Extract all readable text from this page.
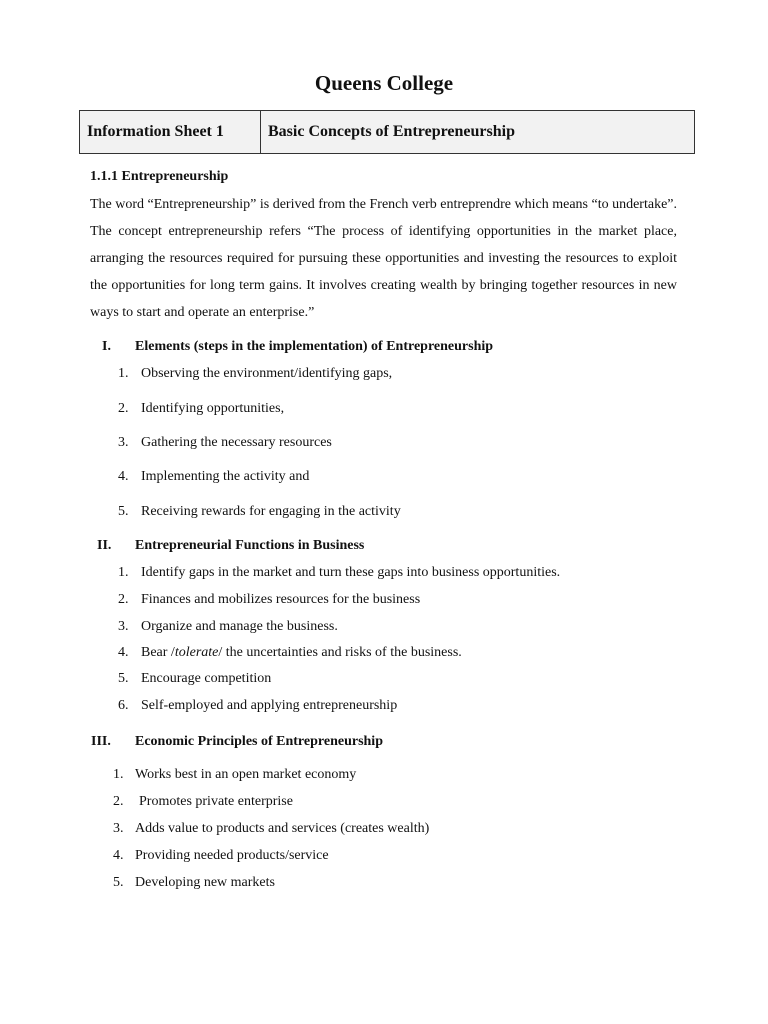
Queens College
Information Sheet 1	Basic Concepts of Entrepreneurship
1.1.1 Entrepreneurship

The word “Entrepreneurship” is derived from the French verb entreprendre which means “to undertake”. The concept entrepreneurship refers “The process of identifying opportunities in the market place, arranging the resources required for pursuing these opportunities and investing the resources to exploit the opportunities for long term gains. It involves creating wealth by bringing together resources in new ways to start and operate an enterprise.”

I. Elements (steps in the implementation) of Entrepreneurship
1. Observing the environment/identifying gaps,
2. Identifying opportunities,
3. Gathering the necessary resources
4. Implementing the activity and
5. Receiving rewards for engaging in the activity
II. Entrepreneurial Functions in Business
1. Identify gaps in the market and turn these gaps into business opportunities.
2. Finances and mobilizes resources for the business
3. Organize and manage the business.
4. Bear /tolerate/ the uncertainties and risks of the business.
5. Encourage competition
6. Self-employed and applying entrepreneurship
III. Economic Principles of Entrepreneurship
1. Works best in an open market economy
2. Promotes private enterprise
3. Adds value to products and services (creates wealth)
4. Providing needed products/service
5. Developing new markets
